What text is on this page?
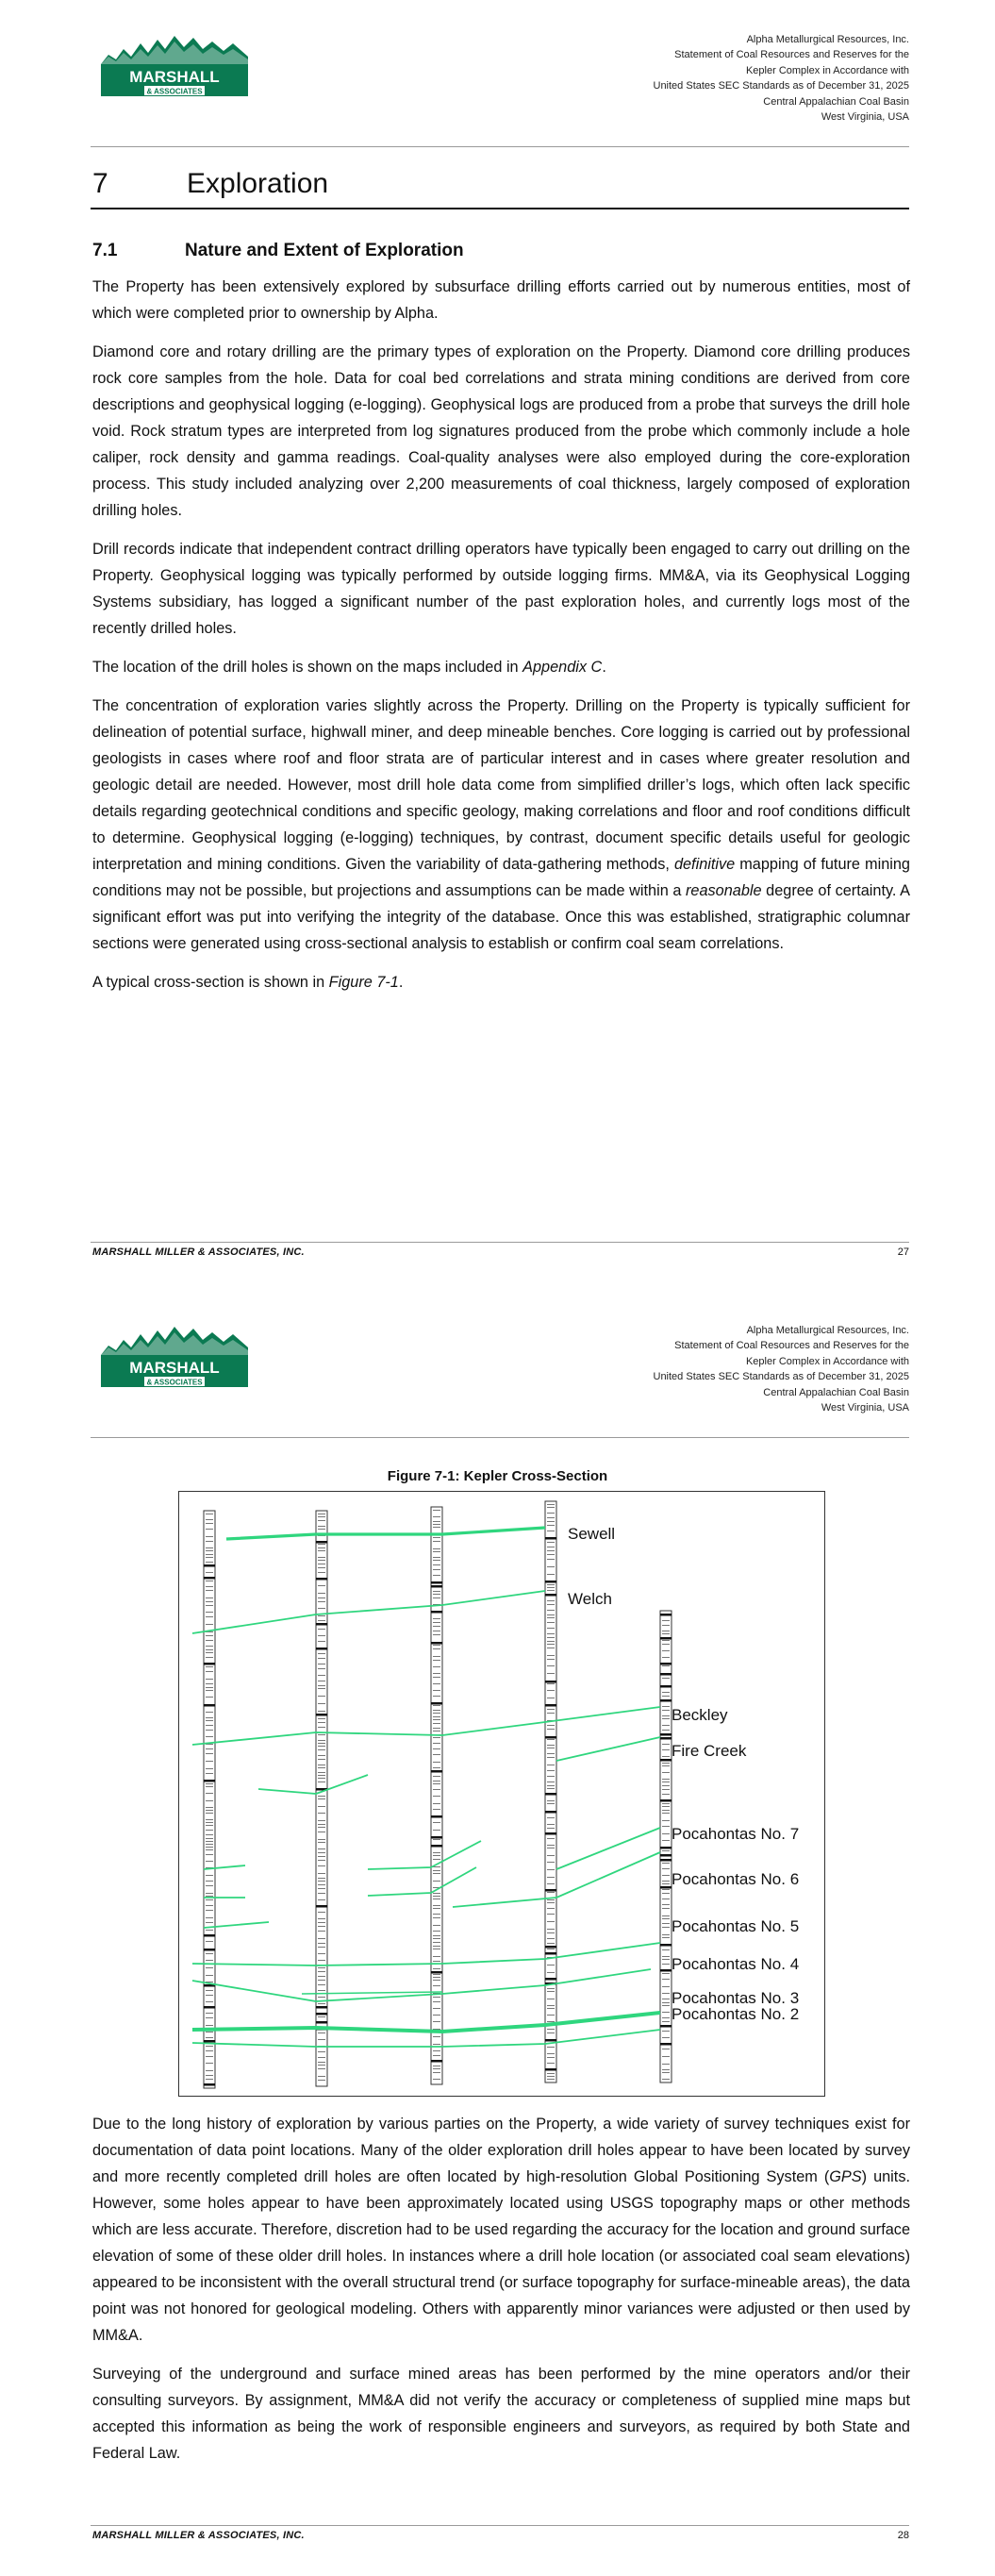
MARSHALL
& ASSOCIATES
Alpha Metallurgical Resources, Inc.
Statement of Coal Resources and Reserves for the
Kepler Complex in Accordance with
United States SEC Standards as of December 31, 2025
Central Appalachian Coal Basin
West Virginia, USA
7	Exploration
7.1	Nature and Extent of Exploration

The Property has been extensively explored by subsurface drilling efforts carried out by numerous entities, most of which were completed prior to ownership by Alpha.

Diamond core and rotary drilling are the primary types of exploration on the Property. Diamond core drilling produces rock core samples from the hole. Data for coal bed correlations and strata mining conditions are derived from core descriptions and geophysical logging (e-logging). Geophysical logs are produced from a probe that surveys the drill hole void. Rock stratum types are interpreted from log signatures produced from the probe which commonly include a hole caliper, rock density and gamma readings. Coal-quality analyses were also employed during the core-exploration process. This study included analyzing over 2,200 measurements of coal thickness, largely composed of exploration drilling holes.

Drill records indicate that independent contract drilling operators have typically been engaged to carry out drilling on the Property. Geophysical logging was typically performed by outside logging firms. MM&A, via its Geophysical Logging Systems subsidiary, has logged a significant number of the past exploration holes, and currently logs most of the recently drilled holes.

The location of the drill holes is shown on the maps included in Appendix C.

The concentration of exploration varies slightly across the Property. Drilling on the Property is typically sufficient for delineation of potential surface, highwall miner, and deep mineable benches. Core logging is carried out by professional geologists in cases where roof and floor strata are of particular interest and in cases where greater resolution and geologic detail are needed. However, most drill hole data come from simplified driller’s logs, which often lack specific details regarding geotechnical conditions and specific geology, making correlations and floor and roof conditions difficult to determine. Geophysical logging (e-logging) techniques, by contrast, document specific details useful for geologic interpretation and mining conditions. Given the variability of data-gathering methods, definitive mapping of future mining conditions may not be possible, but projections and assumptions can be made within a reasonable degree of certainty. A significant effort was put into verifying the integrity of the database. Once this was established, stratigraphic columnar sections were generated using cross-sectional analysis to establish or confirm coal seam correlations.

A typical cross-section is shown in Figure 7-1.

MARSHALL MILLER & ASSOCIATES, INC.	27
MARSHALL
& ASSOCIATES
Alpha Metallurgical Resources, Inc.
Statement of Coal Resources and Reserves for the
Kepler Complex in Accordance with
United States SEC Standards as of December 31, 2025
Central Appalachian Coal Basin
West Virginia, USA
Figure 7-1: Kepler Cross-Section
Sewell
Welch
Beckley
Fire Creek
Pocahontas No. 7
Pocahontas No. 6
Pocahontas No. 5
Pocahontas No. 4
Pocahontas No. 3
Pocahontas No. 2

Due to the long history of exploration by various parties on the Property, a wide variety of survey techniques exist for documentation of data point locations. Many of the older exploration drill holes appear to have been located by survey and more recently completed drill holes are often located by high-resolution Global Positioning System (GPS) units. However, some holes appear to have been approximately located using USGS topography maps or other methods which are less accurate. Therefore, discretion had to be used regarding the accuracy for the location and ground surface elevation of some of these older drill holes. In instances where a drill hole location (or associated coal seam elevations) appeared to be inconsistent with the overall structural trend (or surface topography for surface-mineable areas), the data point was not honored for geological modeling. Others with apparently minor variances were adjusted or then used by MM&A.

Surveying of the underground and surface mined areas has been performed by the mine operators and/or their consulting surveyors. By assignment, MM&A did not verify the accuracy or completeness of supplied mine maps but accepted this information as being the work of responsible engineers and surveyors, as required by both State and Federal Law.

MARSHALL MILLER & ASSOCIATES, INC.	28
